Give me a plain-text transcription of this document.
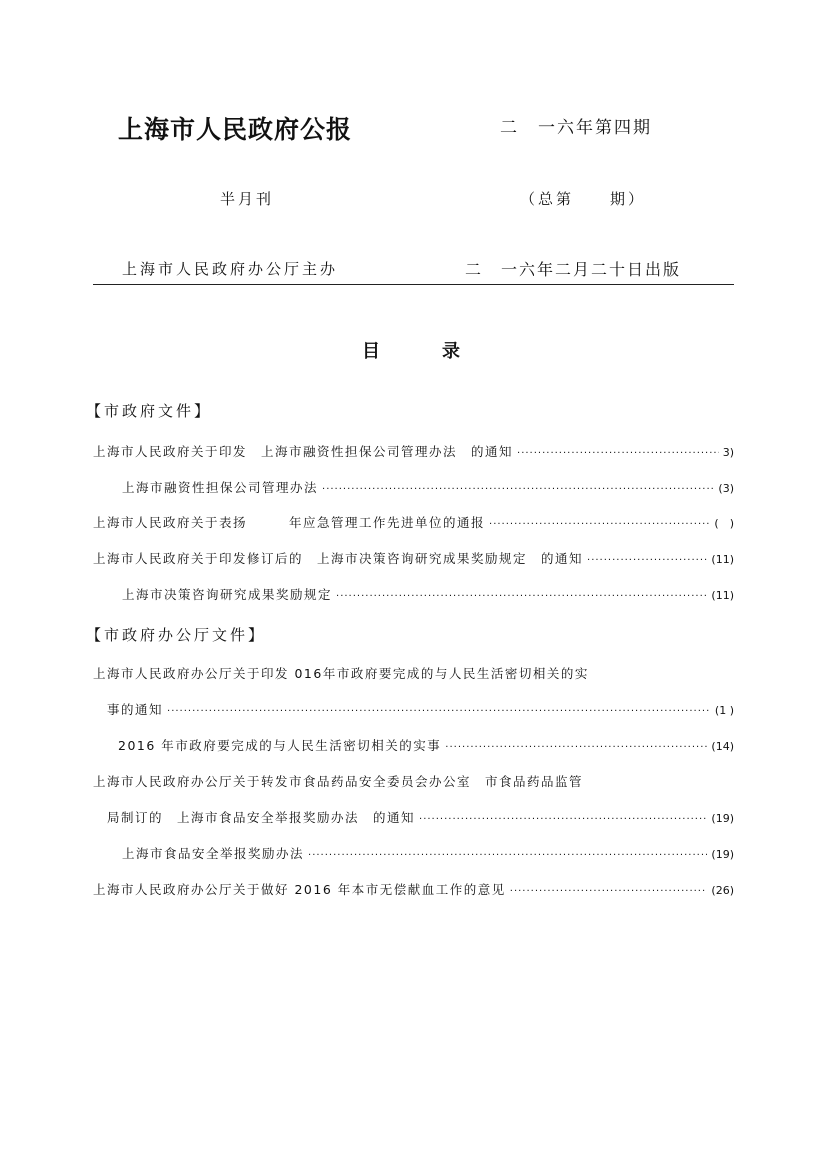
上海市人民政府公报	二　一六年第四期
半月刊	（总第　　期）
上海市人民政府办公厅主办	二　一六年二月二十日出版
目	录
【市政府文件】
上海市人民政府关于印发　上海市融资性担保公司管理办法　的通知 ·····	3)
上海市融资性担保公司管理办法 ·····	(3)
上海市人民政府关于表扬　　　年应急管理工作先进单位的通报 ·····	(　)
上海市人民政府关于印发修订后的　上海市决策咨询研究成果奖励规定　的通知 ·····	(11)
上海市决策咨询研究成果奖励规定 ·····	(11)
【市政府办公厅文件】
上海市人民政府办公厅关于印发 016年市政府要完成的与人民生活密切相关的实
事的通知 ·····	(1 )
2016 年市政府要完成的与人民生活密切相关的实事 ·····	(14)
上海市人民政府办公厅关于转发市食品药品安全委员会办公室　市食品药品监管
局制订的　上海市食品安全举报奖励办法　的通知 ·····	(19)
上海市食品安全举报奖励办法 ·····	(19)
上海市人民政府办公厅关于做好 2016 年本市无偿献血工作的意见 ·····	(26)
